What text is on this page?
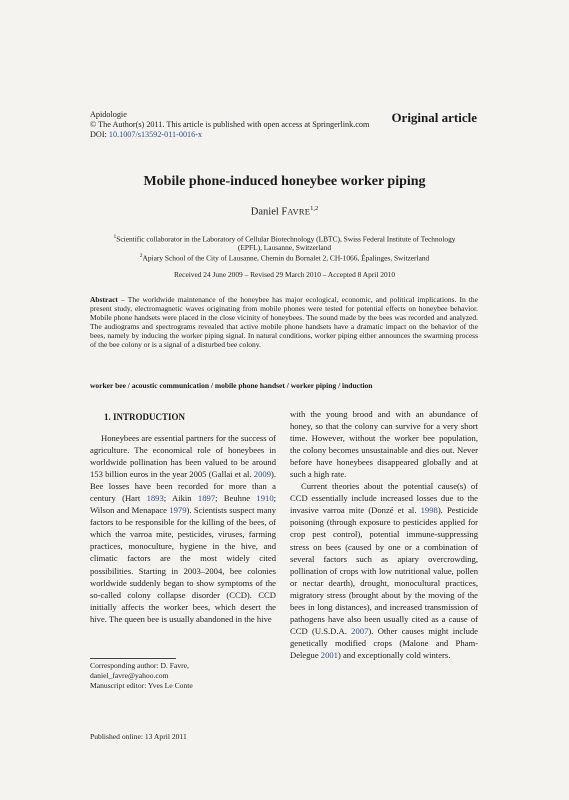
Apidologie
© The Author(s) 2011. This article is published with open access at Springerlink.com
DOI: 10.1007/s13592-011-0016-x
Original article
Mobile phone-induced honeybee worker piping
Daniel FAVRE$^{1,2}$
$^1$Scientific collaborator in the Laboratory of Cellular Biotechnology (LBTC), Swiss Federal Institute of Technology
(EPFL), Lausanne, Switzerland
$^2$Apiary School of the City of Lausanne, Chemin du Bornalet 2, CH-1066, Épalinges, Switzerland
Received 24 June 2009 – Revised 29 March 2010 – Accepted 8 April 2010
Abstract – The worldwide maintenance of the honeybee has major ecological, economic, and political implications. In the present study, electromagnetic waves originating from mobile phones were tested for potential effects on honeybee behavior. Mobile phone handsets were placed in the close vicinity of honeybees. The sound made by the bees was recorded and analyzed. The audiograms and spectrograms revealed that active mobile phone handsets have a dramatic impact on the behavior of the bees, namely by inducing the worker piping signal. In natural conditions, worker piping either announces the swarming process of the bee colony or is a signal of a disturbed bee colony.
worker bee / acoustic communication / mobile phone handset / worker piping / induction
1. INTRODUCTION

Honeybees are essential partners for the success of agriculture. The economical role of honeybees in worldwide pollination has been valued to be around 153 billion euros in the year 2005 (Gallai et al. 2009). Bee losses have been recorded for more than a century (Hart 1893; Aikin 1897; Beuhne 1910; Wilson and Menapace 1979). Scientists suspect many factors to be responsible for the killing of the bees, of which the varroa mite, pesticides, viruses, farming practices, monoculture, hygiene in the hive, and climatic factors are the most widely cited possibilities. Starting in 2003–2004, bee colonies worldwide suddenly began to show symptoms of the so-called colony collapse disorder (CCD). CCD initially affects the worker bees, which desert the hive. The queen bee is usually abandoned in the hive

with the young brood and with an abundance of honey, so that the colony can survive for a very short time. However, without the worker bee population, the colony becomes unsustainable and dies out. Never before have honeybees disappeared globally and at such a high rate.

Current theories about the potential cause(s) of CCD essentially include increased losses due to the invasive varroa mite (Donzé et al. 1998). Pesticide poisoning (through exposure to pesticides applied for crop pest control), potential immune-suppressing stress on bees (caused by one or a combination of several factors such as apiary overcrowding, pollination of crops with low nutritional value, pollen or nectar dearth), drought, monocultural practices, migratory stress (brought about by the moving of the bees in long distances), and increased transmission of pathogens have also been usually cited as a cause of CCD (U.S.D.A. 2007). Other causes might include genetically modified crops (Malone and Pham-Delegue 2001) and exceptionally cold winters.

Corresponding author: D. Favre,
daniel_favre@yahoo.com
Manuscript editor: Yves Le Conte
Published online: 13 April 2011
